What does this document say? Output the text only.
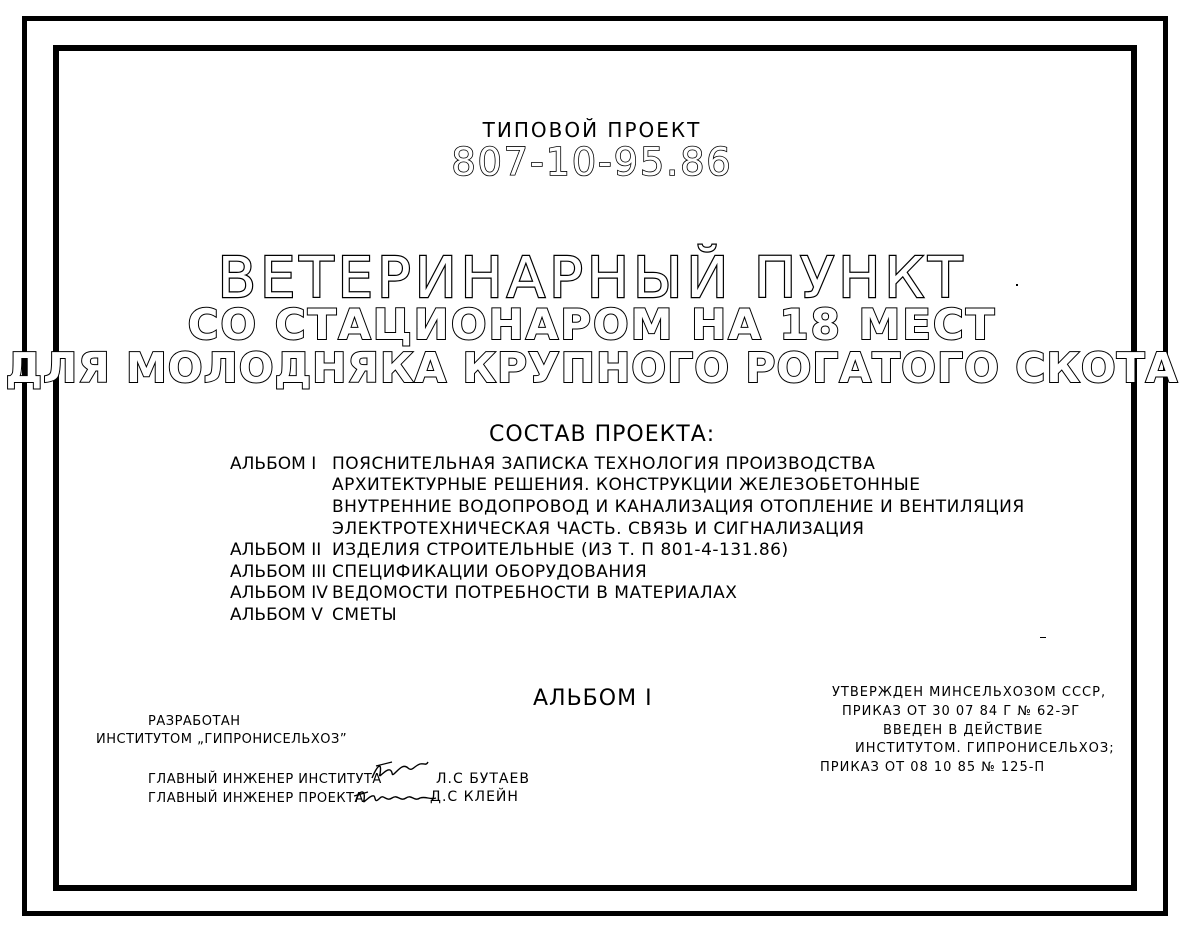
ТИПОВОЙ ПРОЕКТ
807-10-95.86
ВЕТЕРИНАРНЫЙ ПУНКТ
СО СТАЦИОНАРОМ НА 18 МЕСТ
ДЛЯ МОЛОДНЯКА КРУПНОГО РОГАТОГО СКОТА
СОСТАВ ПРОЕКТА:
АЛЬБОМ I ПОЯСНИТЕЛЬНАЯ ЗАПИСКА ТЕХНОЛОГИЯ ПРОИЗВОДСТВА
АРХИТЕКТУРНЫЕ РЕШЕНИЯ. КОНСТРУКЦИИ ЖЕЛЕЗОБЕТОННЫЕ
ВНУТРЕННИЕ ВОДОПРОВОД И КАНАЛИЗАЦИЯ ОТОПЛЕНИЕ И ВЕНТИЛЯЦИЯ
ЭЛЕКТРОТЕХНИЧЕСКАЯ ЧАСТЬ. СВЯЗЬ И СИГНАЛИЗАЦИЯ
АЛЬБОМ II ИЗДЕЛИЯ СТРОИТЕЛЬНЫЕ (ИЗ Т. П 801-4-131.86)
АЛЬБОМ III СПЕЦИФИКАЦИИ ОБОРУДОВАНИЯ
АЛЬБОМ IV ВЕДОМОСТИ ПОТРЕБНОСТИ В МАТЕРИАЛАХ
АЛЬБОМ V СМЕТЫ
АЛЬБОМ I
РАЗРАБОТАН
ИНСТИТУТОМ „ГИПРОНИСЕЛЬХОЗ”
ГЛАВНЫЙ ИНЖЕНЕР ИНСТИТУТА
ГЛАВНЫЙ ИНЖЕНЕР ПРОЕКТА
Л.С БУТАЕВ
Д.С КЛЕЙН
УТВЕРЖДЕН МИНСЕЛЬХОЗОМ СССР,
ПРИКАЗ ОТ 30 07 84 Г № 62-ЭГ
ВВЕДЕН В ДЕЙСТВИЕ
ИНСТИТУТОМ. ГИПРОНИСЕЛЬХОЗ;
ПРИКАЗ ОТ 08 10 85 № 125-П
